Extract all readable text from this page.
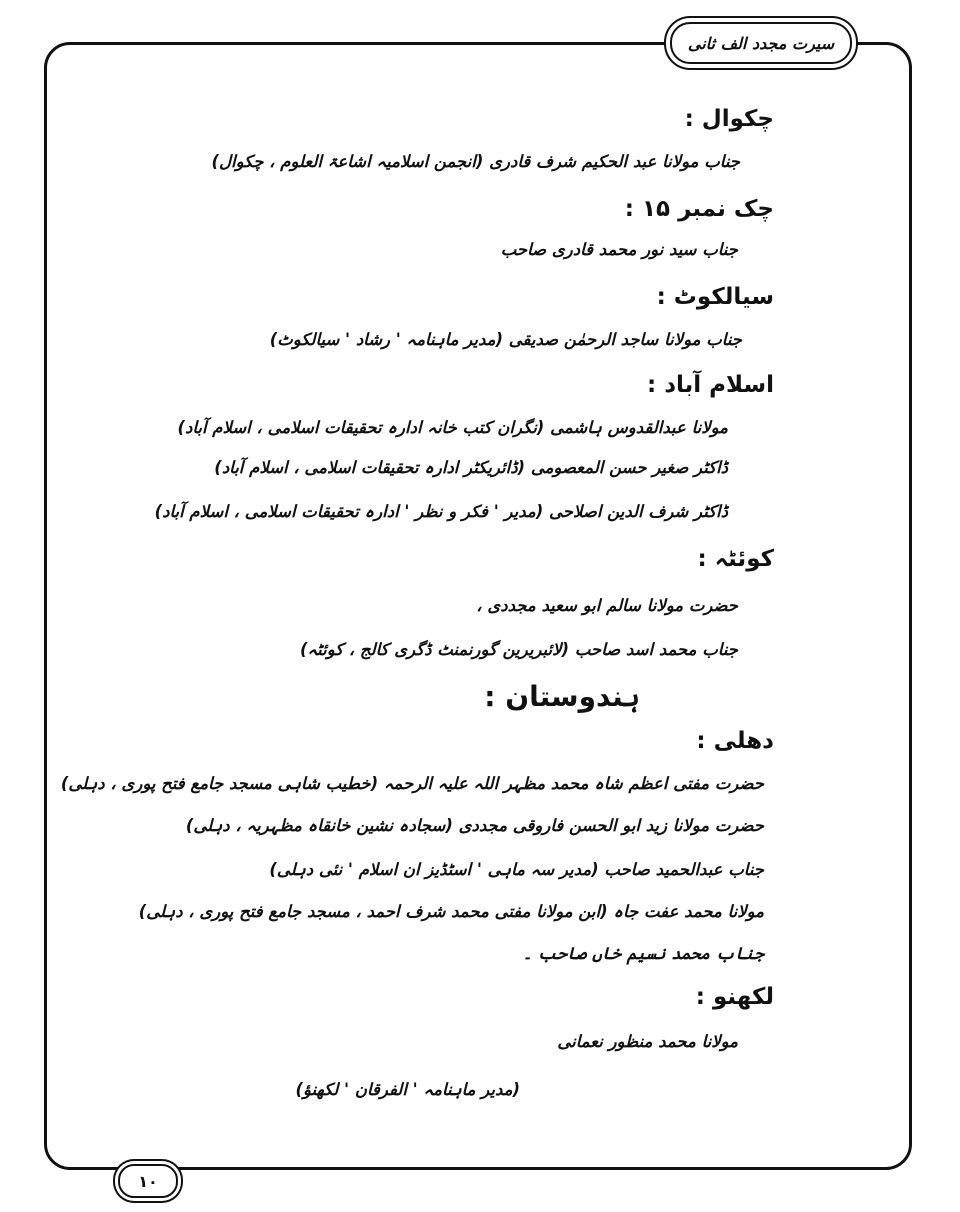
سیرت مجدد الف ثانی
١٠
چکوال :
جناب مولانا عبد الحکیم شرف قادری (انجمن اسلامیہ اشاعۃ العلوم ، چکوال)
چک نمبر ۱۵ :
جناب سید نور محمد قادری صاحب
سیالکوٹ :
جناب مولانا ساجد الرحمٰن صدیقی (مدیر ماہنامہ ' رشاد ' سیالکوٹ)
اسلام آباد :
مولانا عبدالقدوس ہاشمی (نگران کتب خانہ ادارہ تحقیقات اسلامی ، اسلام آباد)
ڈاکٹر صغیر حسن المعصومی (ڈائریکٹر ادارہ تحقیقات اسلامی ، اسلام آباد)
ڈاکٹر شرف الدین اصلاحی (مدیر ' فکر و نظر ' ادارہ تحقیقات اسلامی ، اسلام آباد)
کوئٹہ :
حضرت مولانا سالم ابو سعید مجددی ،
جناب محمد اسد صاحب (لائبریرین گورنمنٹ ڈگری کالج ، کوئٹہ)
ہندوستان :
دھلی :
حضرت مفتی اعظم شاہ محمد مظہر اللہ علیہ الرحمہ (خطیب شاہی مسجد جامع فتح پوری ، دہلی)
حضرت مولانا زید ابو الحسن فاروقی مجددی (سجادہ نشین خانقاہ مظہریہ ، دہلی)
جناب عبدالحمید صاحب (مدیر سہ ماہی ' اسٹڈیز ان اسلام ' نئی دہلی)
مولانا محمد عفت جاہ (ابن مولانا مفتی محمد شرف احمد ، مسجد جامع فتح پوری ، دہلی)
جناب محمد نسیم خاں صاحب ۔
لکھنو :
مولانا محمد منظور نعمانی
(مدیر ماہنامہ ' الفرقان ' لکھنؤ)
